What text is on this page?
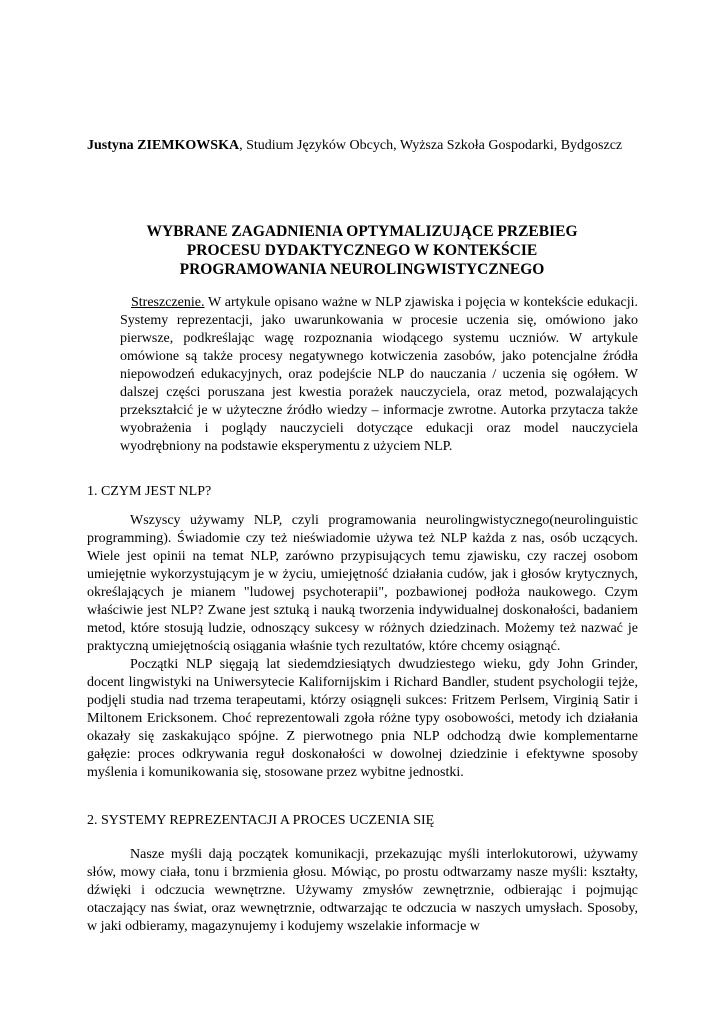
Justyna ZIEMKOWSKA, Studium Języków Obcych, Wyższa Szkoła Gospodarki, Bydgoszcz
WYBRANE ZAGADNIENIA OPTYMALIZUJĄCE PRZEBIEG
PROCESU DYDAKTYCZNEGO W KONTEKŚCIE
PROGRAMOWANIA NEUROLINGWISTYCZNEGO
Streszczenie. W artykule opisano ważne w NLP zjawiska i pojęcia w kontekście edukacji. Systemy reprezentacji, jako uwarunkowania w procesie uczenia się, omówiono jako pierwsze, podkreślając wagę rozpoznania wiodącego systemu uczniów. W artykule omówione są także procesy negatywnego kotwiczenia zasobów, jako potencjalne źródła niepowodzeń edukacyjnych, oraz podejście NLP do nauczania / uczenia się ogółem. W dalszej części poruszana jest kwestia porażek nauczyciela, oraz metod, pozwalających przekształcić je w użyteczne źródło wiedzy – informacje zwrotne. Autorka przytacza także wyobrażenia i poglądy nauczycieli dotyczące edukacji oraz model nauczyciela wyodrębniony na podstawie eksperymentu z użyciem NLP.
1. CZYM JEST NLP?

Wszyscy używamy NLP, czyli programowania neurolingwistycznego(neurolinguistic programming). Świadomie czy też nieświadomie używa też NLP każda z nas, osób uczących. Wiele jest opinii na temat NLP, zarówno przypisujących temu zjawisku, czy raczej osobom umiejętnie wykorzystującym je w życiu, umiejętność działania cudów, jak i głosów krytycznych, określających je mianem "ludowej psychoterapii", pozbawionej podłoża naukowego. Czym właściwie jest NLP? Zwane jest sztuką i nauką tworzenia indywidualnej doskonałości, badaniem metod, które stosują ludzie, odnoszący sukcesy w różnych dziedzinach. Możemy też nazwać je praktyczną umiejętnością osiągania właśnie tych rezultatów, które chcemy osiągnąć.

Początki NLP sięgają lat siedemdziesiątych dwudziestego wieku, gdy John Grinder, docent lingwistyki na Uniwersytecie Kalifornijskim i Richard Bandler, student psychologii tejże, podjęli studia nad trzema terapeutami, którzy osiągnęli sukces: Fritzem Perlsem, Virginią Satir i Miltonem Ericksonem. Choć reprezentowali zgoła różne typy osobowości, metody ich działania okazały się zaskakująco spójne. Z pierwotnego pnia NLP odchodzą dwie komplementarne gałęzie: proces odkrywania reguł doskonałości w dowolnej dziedzinie i efektywne sposoby myślenia i komunikowania się, stosowane przez wybitne jednostki.

2. SYSTEMY REPREZENTACJI A PROCES UCZENIA SIĘ

Nasze myśli dają początek komunikacji, przekazując myśli interlokutorowi, używamy słów, mowy ciała, tonu i brzmienia głosu. Mówiąc, po prostu odtwarzamy nasze myśli: kształty, dźwięki i odczucia wewnętrzne. Używamy zmysłów zewnętrznie, odbierając i pojmując otaczający nas świat, oraz wewnętrznie, odtwarzając te odczucia w naszych umysłach. Sposoby, w jaki odbieramy, magazynujemy i kodujemy wszelakie informacje w
